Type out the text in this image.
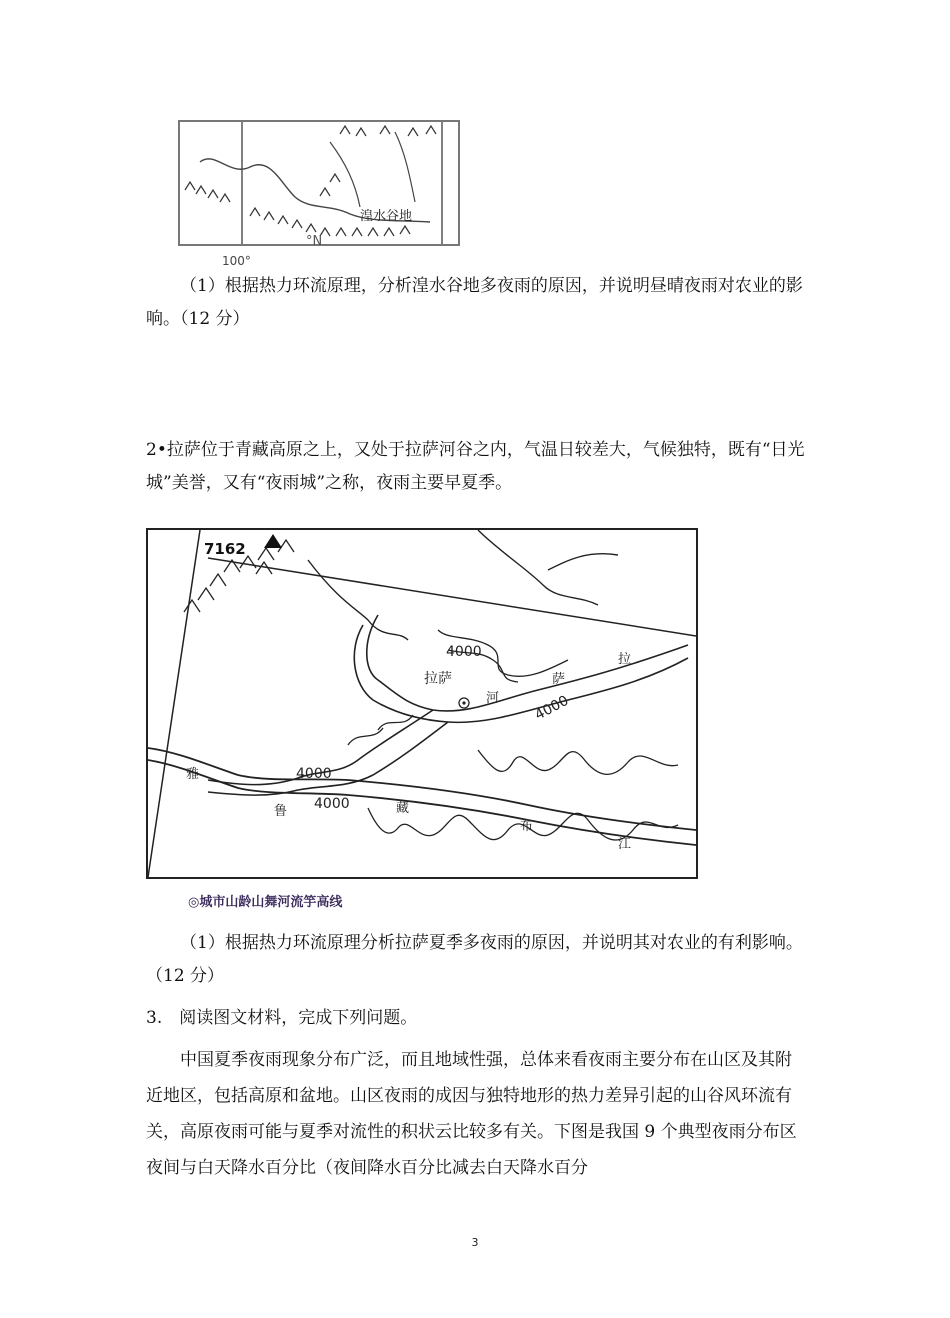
湟水谷地
°N
100°
（1）根据热力环流原理，分析湟水谷地多夜雨的原因，并说明昼晴夜雨对农业的影响。（12 分）
2•拉萨位于青藏高原之上，又处于拉萨河谷之内，气温日较差大，气候独特，既有“日光城”美誉，又有“夜雨城”之称，夜雨主要早夏季。
7162
4000
4000
4000
4000
拉萨
河
萨
拉
雅
鲁	藏
布
江
◎城市山龄山舞河流竽高线
（1）根据热力环流原理分析拉萨夏季多夜雨的原因，并说明其对农业的有利影响。（12 分）
3.　阅读图文材料，完成下列问题。
中国夏季夜雨现象分布广泛，而且地域性强，总体来看夜雨主要分布在山区及其附近地区，包括高原和盆地。山区夜雨的成因与独特地形的热力差异引起的山谷风环流有关，高原夜雨可能与夏季对流性的积状云比较多有关。下图是我国 9 个典型夜雨分布区夜间与白天降水百分比（夜间降水百分比减去白天降水百分
3
